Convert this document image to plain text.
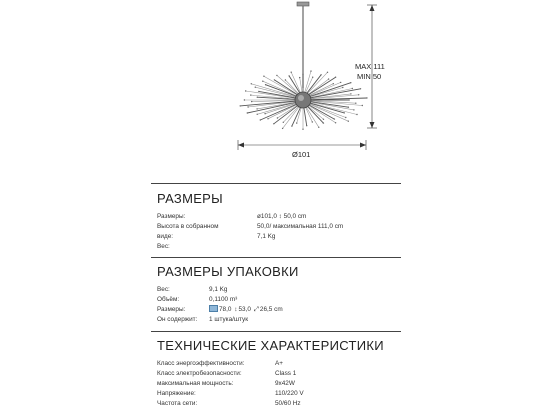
MAX 111
MIN 50
Ø101
РАЗМЕРЫ
Размеры:	ø101,0 ↕ 50,0 cm
Высота в собранном	50,0/ максимальная 111,0 cm
виде:	7,1 Kg
Вес:
РАЗМЕРЫ УПАКОВКИ
Вес:	9,1 Kg
Объём:	0,1100 m³
Размеры:	78,0 ↕53,0 ⤢26,5 cm
Он содержит: 1 штука/штук
ТЕХНИЧЕСКИЕ ХАРАКТЕРИСТИКИ
Класс энергоэффективности:	A+
Класс электробезопасности:	Class 1
максимальная мощность:	9x42W
Напряжение:	110/220 V
Частота сети:	50/60 Hz
